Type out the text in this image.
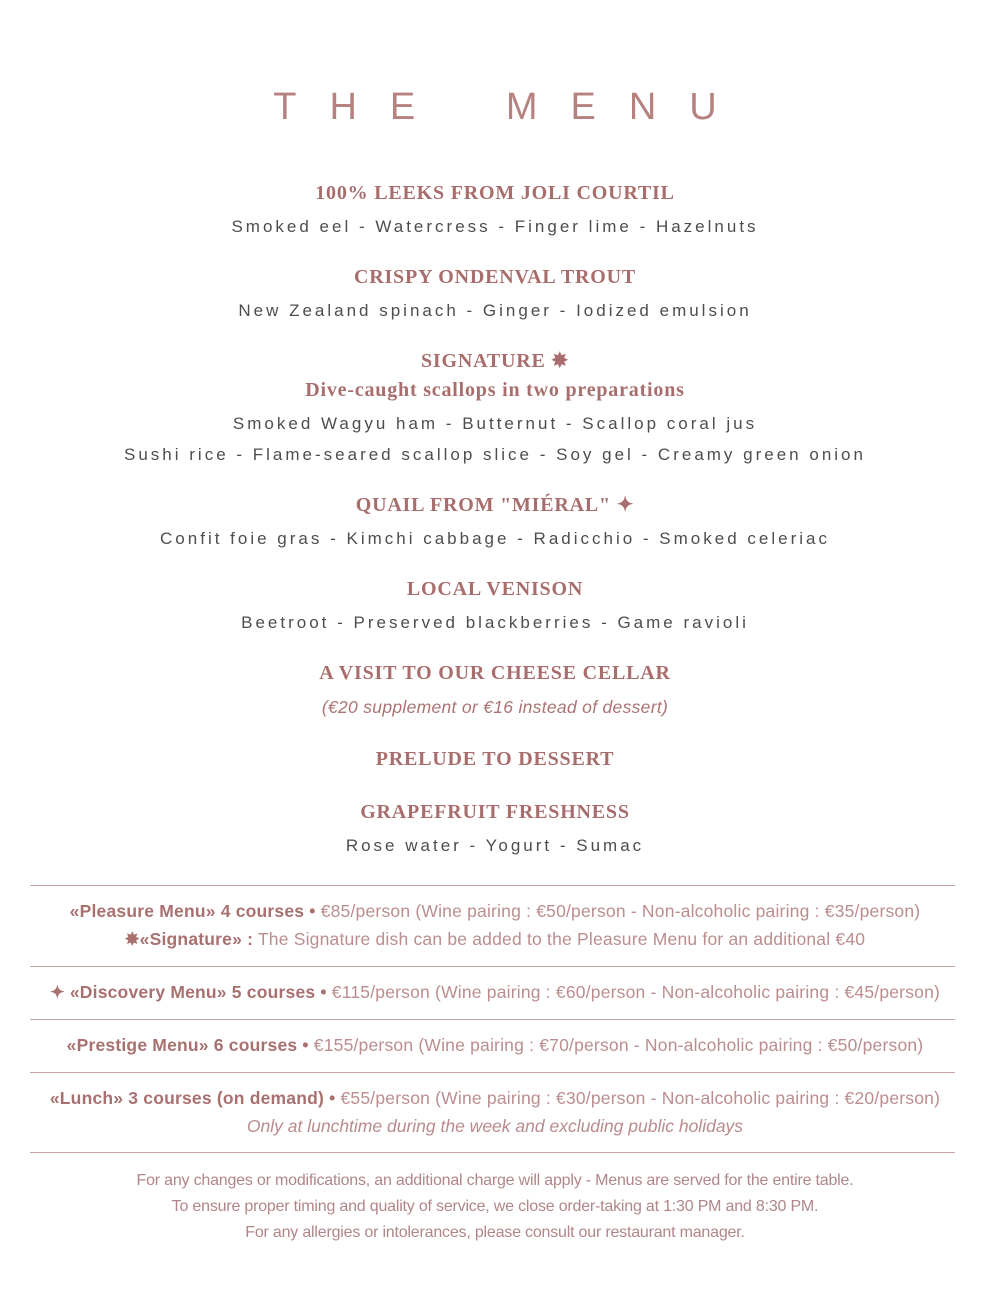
THE MENU
100% LEEKS FROM JOLI COURTIL
Smoked eel - Watercress - Finger lime - Hazelnuts
CRISPY ONDENVAL TROUT
New Zealand spinach - Ginger - Iodized emulsion
SIGNATURE ✸
Dive-caught scallops in two preparations
Smoked Wagyu ham - Butternut - Scallop coral jus
Sushi rice - Flame-seared scallop slice - Soy gel - Creamy green onion
QUAIL FROM "MIÉRAL" ✦
Confit foie gras - Kimchi cabbage - Radicchio - Smoked celeriac
LOCAL VENISON
Beetroot - Preserved blackberries - Game ravioli
A VISIT TO OUR CHEESE CELLAR
(€20 supplement or €16 instead of dessert)
PRELUDE TO DESSERT
GRAPEFRUIT FRESHNESS
Rose water - Yogurt - Sumac
«Pleasure Menu» 4 courses • €85/person (Wine pairing : €50/person - Non-alcoholic pairing : €35/person)
✸«Signature» : The Signature dish can be added to the Pleasure Menu for an additional €40
✦ «Discovery Menu» 5 courses • €115/person (Wine pairing : €60/person - Non-alcoholic pairing : €45/person)
«Prestige Menu» 6 courses • €155/person (Wine pairing : €70/person - Non-alcoholic pairing : €50/person)
«Lunch» 3 courses (on demand) • €55/person (Wine pairing : €30/person - Non-alcoholic pairing : €20/person)
Only at lunchtime during the week and excluding public holidays
For any changes or modifications, an additional charge will apply - Menus are served for the entire table.
To ensure proper timing and quality of service, we close order-taking at 1:30 PM and 8:30 PM.
For any allergies or intolerances, please consult our restaurant manager.
